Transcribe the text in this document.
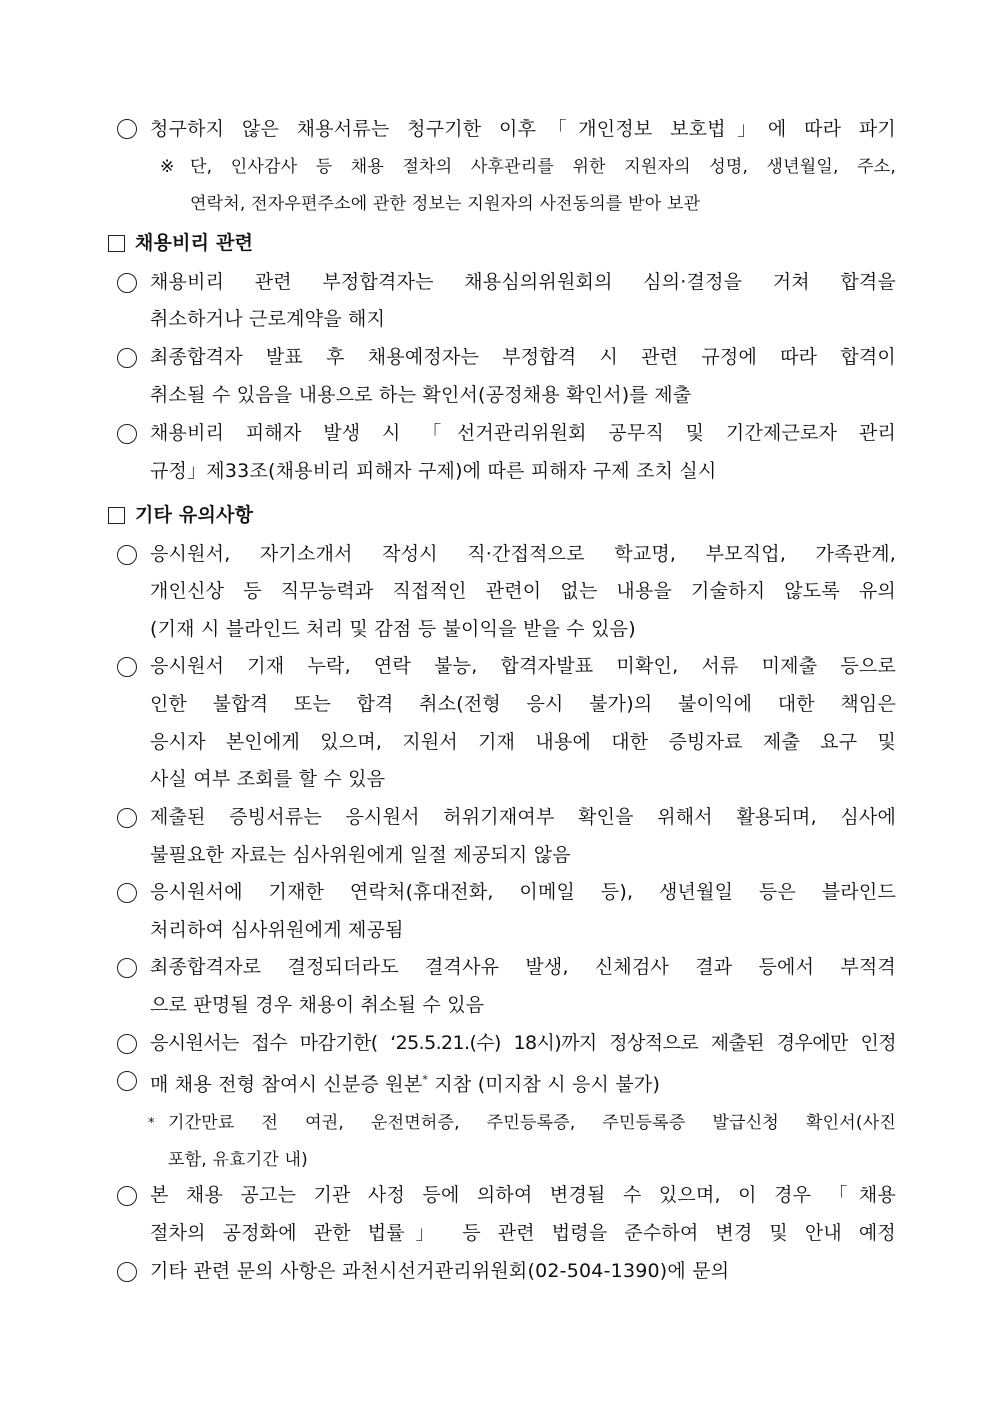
청구하지 않은 채용서류는 청구기한 이후「개인정보 보호법」에 따라 파기
※ 단, 인사감사 등 채용 절차의 사후관리를 위한 지원자의 성명, 생년월일, 주소,
연락처, 전자우편주소에 관한 정보는 지원자의 사전동의를 받아 보관
채용비리 관련
채용비리 관련 부정합격자는 채용심의위원회의 심의·결정을 거쳐 합격을
취소하거나 근로계약을 해지
최종합격자 발표 후 채용예정자는 부정합격 시 관련 규정에 따라 합격이
취소될 수 있음을 내용으로 하는 확인서(공정채용 확인서)를 제출
채용비리 피해자 발생 시 「선거관리위원회 공무직 및 기간제근로자 관리
규정」제33조(채용비리 피해자 구제)에 따른 피해자 구제 조치 실시
기타 유의사항
응시원서, 자기소개서 작성시 직·간접적으로 학교명, 부모직업, 가족관계,
개인신상 등 직무능력과 직접적인 관련이 없는 내용을 기술하지 않도록 유의
(기재 시 블라인드 처리 및 감점 등 불이익을 받을 수 있음)
응시원서 기재 누락, 연락 불능, 합격자발표 미확인, 서류 미제출 등으로
인한 불합격 또는 합격 취소(전형 응시 불가)의 불이익에 대한 책임은
응시자 본인에게 있으며, 지원서 기재 내용에 대한 증빙자료 제출 요구 및
사실 여부 조회를 할 수 있음
제출된 증빙서류는 응시원서 허위기재여부 확인을 위해서 활용되며, 심사에
불필요한 자료는 심사위원에게 일절 제공되지 않음
응시원서에 기재한 연락처(휴대전화, 이메일 등), 생년월일 등은 블라인드
처리하여 심사위원에게 제공됨
최종합격자로 결정되더라도 결격사유 발생, 신체검사 결과 등에서 부적격
으로 판명될 경우 채용이 취소될 수 있음
응시원서는 접수 마감기한( ‘25.5.21.(수) 18시)까지 정상적으로 제출된 경우에만 인정
매 채용 전형 참여시 신분증 원본* 지참 (미지참 시 응시 불가)
* 기간만료 전 여권, 운전면허증, 주민등록증, 주민등록증 발급신청 확인서(사진
포함, 유효기간 내)
본 채용 공고는 기관 사정 등에 의하여 변경될 수 있으며, 이 경우 「채용
절차의 공정화에 관한 법률」 등 관련 법령을 준수하여 변경 및 안내 예정
기타 관련 문의 사항은 과천시선거관리위원회(02-504-1390)에 문의
